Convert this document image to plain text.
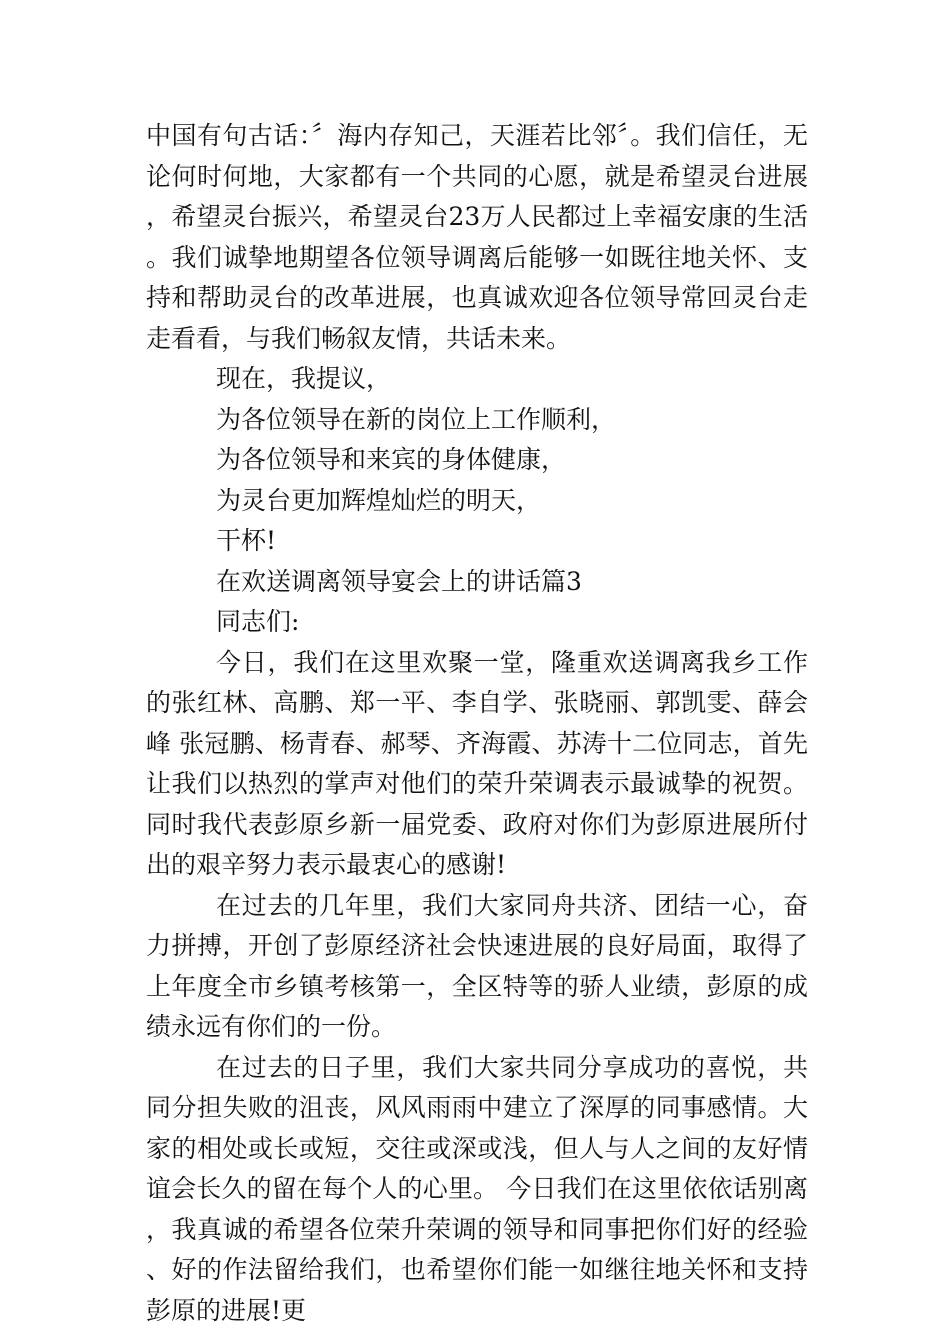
中国有句古话：〞海内存知己，天涯若比邻〞。我们信任，无论何时何地，大家都有一个共同的心愿，就是希望灵台进展，希望灵台振兴，希望灵台23万人民都过上幸福安康的生活。我们诚挚地期望各位领导调离后能够一如既往地关怀、支持和帮助灵台的改革进展，也真诚欢迎各位领导常回灵台走走看看，与我们畅叙友情，共话未来。

现在，我提议，

为各位领导在新的岗位上工作顺利，

为各位领导和来宾的身体健康，

为灵台更加辉煌灿烂的明天，

干杯!

在欢送调离领导宴会上的讲话篇3

同志们:

今日，我们在这里欢聚一堂，隆重欢送调离我乡工作的张红林、高鹏、郑一平、李自学、张晓丽、郭凯雯、薛会峰 张冠鹏、杨青春、郝琴、齐海霞、苏涛十二位同志，首先让我们以热烈的掌声对他们的荣升荣调表示最诚挚的祝贺。同时我代表彭原乡新一届党委、政府对你们为彭原进展所付出的艰辛努力表示最衷心的感谢!

在过去的几年里，我们大家同舟共济、团结一心，奋力拼搏，开创了彭原经济社会快速进展的良好局面，取得了上年度全市乡镇考核第一，全区特等的骄人业绩，彭原的成绩永远有你们的一份。

在过去的日子里，我们大家共同分享成功的喜悦，共同分担失败的沮丧，风风雨雨中建立了深厚的同事感情。大家的相处或长或短，交往或深或浅，但人与人之间的友好情谊会长久的留在每个人的心里。 今日我们在这里依依话别离，我真诚的希望各位荣升荣调的领导和同事把你们好的经验、好的作法留给我们，也希望你们能一如继往地关怀和支持彭原的进展!更
